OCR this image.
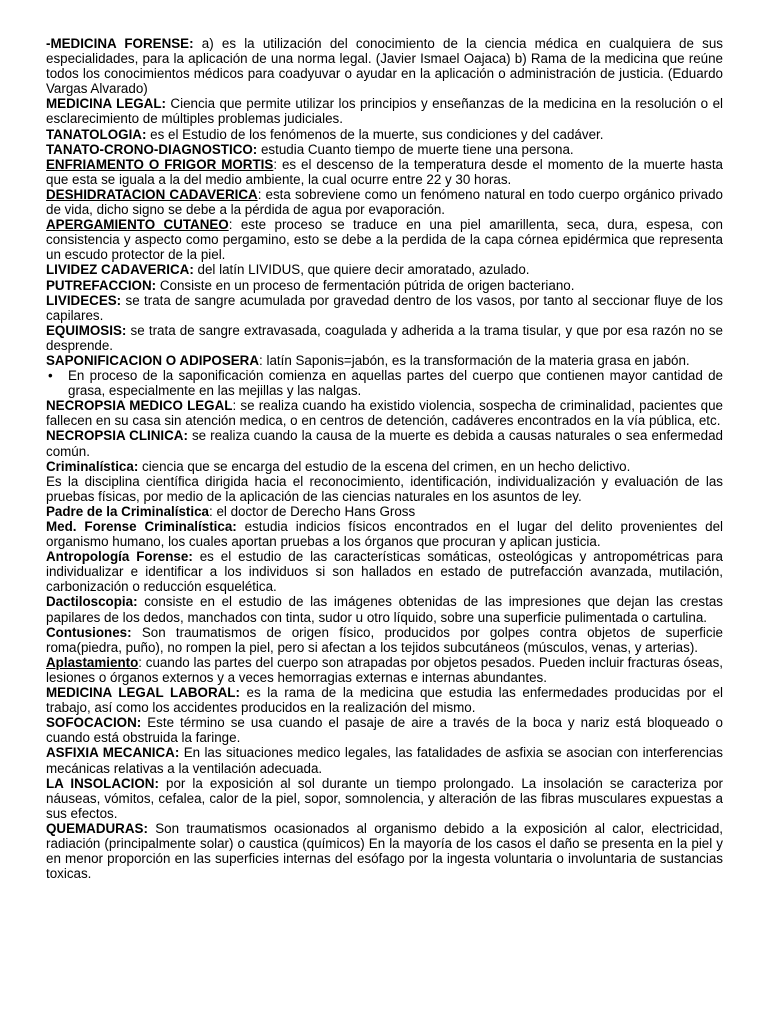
-MEDICINA FORENSE: a) es la utilización del conocimiento de la ciencia médica en cualquiera de sus especialidades, para la aplicación de una norma legal. (Javier Ismael Oajaca) b) Rama de la medicina que reúne todos los conocimientos médicos para coadyuvar o ayudar en la aplicación o administración de justicia. (Eduardo Vargas Alvarado)

MEDICINA LEGAL: Ciencia que permite utilizar los principios y enseñanzas de la medicina en la resolución o el esclarecimiento de múltiples problemas judiciales.

TANATOLOGIA: es el Estudio de los fenómenos de la muerte, sus condiciones y del cadáver.

TANATO-CRONO-DIAGNOSTICO: estudia Cuanto tiempo de muerte tiene una persona.

ENFRIAMENTO O FRIGOR MORTIS: es el descenso de la temperatura desde el momento de la muerte hasta que esta se iguala a la del medio ambiente, la cual ocurre entre 22 y 30 horas.

DESHIDRATACION CADAVERICA: esta sobreviene como un fenómeno natural en todo cuerpo orgánico privado de vida, dicho signo se debe a la pérdida de agua por evaporación.

APERGAMIENTO CUTANEO: este proceso se traduce en una piel amarillenta, seca, dura, espesa, con consistencia y aspecto como pergamino, esto se debe a la perdida de la capa córnea epidérmica que representa un escudo protector de la piel.

LIVIDEZ CADAVERICA: del latín LIVIDUS, que quiere decir amoratado, azulado.

PUTREFACCION: Consiste en un proceso de fermentación pútrida de origen bacteriano.

LIVIDECES: se trata de sangre acumulada por gravedad dentro de los vasos, por tanto al seccionar fluye de los capilares.

EQUIMOSIS: se trata de sangre extravasada, coagulada y adherida a la trama tisular, y que por esa razón no se desprende.

SAPONIFICACION O ADIPOSERA: latín Saponis=jabón, es la transformación de la materia grasa en jabón.

•	En proceso de la saponificación comienza en aquellas partes del cuerpo que contienen mayor cantidad de grasa, especialmente en las mejillas y las nalgas.

NECROPSIA MEDICO LEGAL: se realiza cuando ha existido violencia, sospecha de criminalidad, pacientes que fallecen en su casa sin atención medica, o en centros de detención, cadáveres encontrados en la vía pública, etc.

NECROPSIA CLINICA: se realiza cuando la causa de la muerte es debida a causas naturales o sea enfermedad común.

Criminalística: ciencia que se encarga del estudio de la escena del crimen, en un hecho delictivo.

Es la disciplina científica dirigida hacia el reconocimiento, identificación, individualización y evaluación de las pruebas físicas, por medio de la aplicación de las ciencias naturales en los asuntos de ley.

Padre de la Criminalística: el doctor de Derecho Hans Gross

Med. Forense Criminalística: estudia indicios físicos encontrados en el lugar del delito provenientes del organismo humano, los cuales aportan pruebas a los órganos que procuran y aplican justicia.

Antropología Forense: es el estudio de las características somáticas, osteológicas y antropométricas para individualizar e identificar a los individuos si son hallados en estado de putrefacción avanzada, mutilación, carbonización o reducción esquelética.

Dactiloscopia: consiste en el estudio de las imágenes obtenidas de las impresiones que dejan las crestas papilares de los dedos, manchados con tinta, sudor u otro líquido, sobre una superficie pulimentada o cartulina.

Contusiones: Son traumatismos de origen físico, producidos por golpes contra objetos de superficie roma(piedra, puño), no rompen la piel, pero si afectan a los tejidos subcutáneos (músculos, venas, y arterias).

Aplastamiento: cuando las partes del cuerpo son atrapadas por objetos pesados. Pueden incluir fracturas óseas, lesiones o órganos externos y a veces hemorragias externas e internas abundantes.

MEDICINA LEGAL LABORAL: es la rama de la medicina que estudia las enfermedades producidas por el trabajo, así como los accidentes producidos en la realización del mismo.

SOFOCACION: Este término se usa cuando el pasaje de aire a través de la boca y nariz está bloqueado o cuando está obstruida la faringe.

ASFIXIA MECANICA: En las situaciones medico legales, las fatalidades de asfixia se asocian con interferencias mecánicas relativas a la ventilación adecuada.

LA INSOLACION: por la exposición al sol durante un tiempo prolongado. La insolación se caracteriza por náuseas, vómitos, cefalea, calor de la piel, sopor, somnolencia, y alteración de las fibras musculares expuestas a sus efectos.

QUEMADURAS: Son traumatismos ocasionados al organismo debido a la exposición al calor, electricidad, radiación (principalmente solar) o caustica (químicos) En la mayoría de los casos el daño se presenta en la piel y en menor proporción en las superficies internas del esófago por la ingesta voluntaria o involuntaria de sustancias toxicas.
